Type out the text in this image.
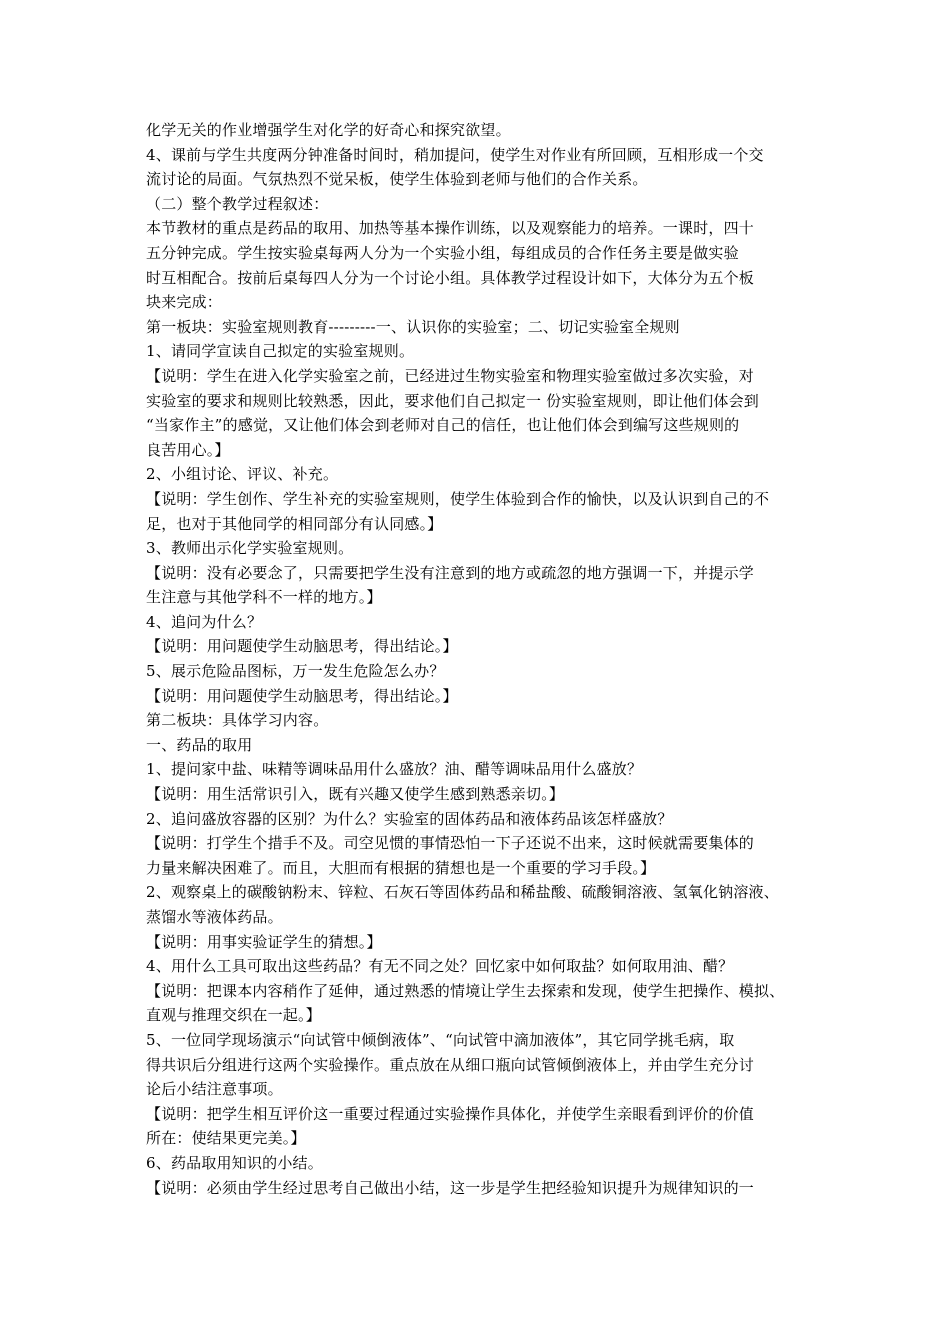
化学无关的作业增强学生对化学的好奇心和探究欲望。
4、课前与学生共度两分钟准备时间时，稍加提问，使学生对作业有所回顾，互相形成一个交
流讨论的局面。气氛热烈不觉呆板，使学生体验到老师与他们的合作关系。
（二）整个教学过程叙述：
本节教材的重点是药品的取用、加热等基本操作训练，以及观察能力的培养。一课时，四十
五分钟完成。学生按实验桌每两人分为一个实验小组，每组成员的合作任务主要是做实验
时互相配合。按前后桌每四人分为一个讨论小组。具体教学过程设计如下，大体分为五个板
块来完成：
第一板块：实验室规则教育---------一、认识你的实验室；二、切记实验室全规则
1、请同学宣读自己拟定的实验室规则。
【说明：学生在进入化学实验室之前，已经进过生物实验室和物理实验室做过多次实验，对
实验室的要求和规则比较熟悉，因此，要求他们自己拟定一 份实验室规则，即让他们体会到
“当家作主”的感觉，又让他们体会到老师对自己的信任，也让他们体会到编写这些规则的
良苦用心。】
2、小组讨论、评议、补充。
【说明：学生创作、学生补充的实验室规则，使学生体验到合作的愉快，以及认识到自己的不
足，也对于其他同学的相同部分有认同感。】
3、教师出示化学实验室规则。
【说明：没有必要念了，只需要把学生没有注意到的地方或疏忽的地方强调一下，并提示学
生注意与其他学科不一样的地方。】
4、追问为什么？
【说明：用问题使学生动脑思考，得出结论。】
5、展示危险品图标，万一发生危险怎么办？
【说明：用问题使学生动脑思考，得出结论。】
第二板块：具体学习内容。
一、药品的取用
1、提问家中盐、味精等调味品用什么盛放？油、醋等调味品用什么盛放？
【说明：用生活常识引入，既有兴趣又使学生感到熟悉亲切。】
2、追问盛放容器的区别？为什么？实验室的固体药品和液体药品该怎样盛放？
【说明：打学生个措手不及。司空见惯的事情恐怕一下子还说不出来，这时候就需要集体的
力量来解决困难了。而且，大胆而有根据的猜想也是一个重要的学习手段。】
2、观察桌上的碳酸钠粉末、锌粒、石灰石等固体药品和稀盐酸、硫酸铜溶液、氢氧化钠溶液、
蒸馏水等液体药品。
【说明：用事实验证学生的猜想。】
4、用什么工具可取出这些药品？有无不同之处？回忆家中如何取盐？如何取用油、醋？
【说明：把课本内容稍作了延伸，通过熟悉的情境让学生去探索和发现，使学生把操作、模拟、
直观与推理交织在一起。】
5、一位同学现场演示“向试管中倾倒液体”、“向试管中滴加液体”，其它同学挑毛病，取
得共识后分组进行这两个实验操作。重点放在从细口瓶向试管倾倒液体上，并由学生充分讨
论后小结注意事项。
【说明：把学生相互评价这一重要过程通过实验操作具体化，并使学生亲眼看到评价的价值
所在：使结果更完美。】
6、药品取用知识的小结。
【说明：必须由学生经过思考自己做出小结，这一步是学生把经验知识提升为规律知识的一
